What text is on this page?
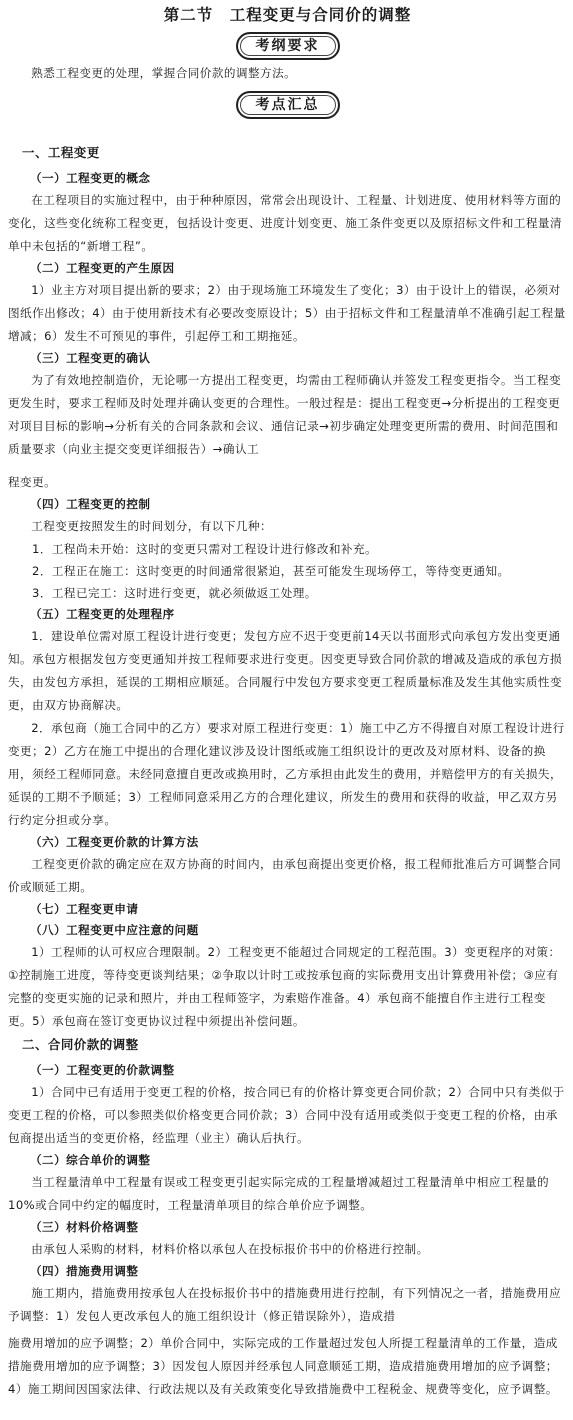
第二节　工程变更与合同价的调整
考纲要求

熟悉工程变更的处理，掌握合同价款的调整方法。

考点汇总
一、工程变更
（一）工程变更的概念

在工程项目的实施过程中，由于种种原因，常常会出现设计、工程量、计划进度、使用材料等方面的变化，这些变化统称工程变更，包括设计变更、进度计划变更、施工条件变更以及原招标文件和工程量清单中未包括的“新增工程”。

（二）工程变更的产生原因

1）业主方对项目提出新的要求；2）由于现场施工环境发生了变化；3）由于设计上的错误，必须对图纸作出修改；4）由于使用新技术有必要改变原设计；5）由于招标文件和工程量清单不准确引起工程量增减；6）发生不可预见的事件，引起停工和工期拖延。

（三）工程变更的确认

为了有效地控制造价，无论哪一方提出工程变更，均需由工程师确认并签发工程变更指令。当工程变更发生时，要求工程师及时处理并确认变更的合理性。一般过程是：提出工程变更→分析提出的工程变更对项目目标的影响→分析有关的合同条款和会议、通信记录→初步确定处理变更所需的费用、时间范围和质量要求（向业主提交变更详细报告）→确认工

程变更。

（四）工程变更的控制

工程变更按照发生的时间划分，有以下几种：

1．工程尚未开始：这时的变更只需对工程设计进行修改和补充。
2．工程正在施工：这时变更的时间通常很紧迫，甚至可能发生现场停工，等待变更通知。
3．工程已完工：这时进行变更，就必须做返工处理。
（五）工程变更的处理程序

1．建设单位需对原工程设计进行变更；发包方应不迟于变更前14天以书面形式向承包方发出变更通知。承包方根据发包方变更通知并按工程师要求进行变更。因变更导致合同价款的增减及造成的承包方损失，由发包方承担，延误的工期相应顺延。合同履行中发包方要求变更工程质量标准及发生其他实质性变更，由双方协商解决。

2．承包商（施工合同中的乙方）要求对原工程进行变更：1）施工中乙方不得擅自对原工程设计进行变更；2）乙方在施工中提出的合理化建议涉及设计图纸或施工组织设计的更改及对原材料、设备的换用，须经工程师同意。未经同意擅自更改或换用时，乙方承担由此发生的费用，并赔偿甲方的有关损失，延误的工期不予顺延；3）工程师同意采用乙方的合理化建议，所发生的费用和获得的收益，甲乙双方另行约定分担或分享。

（六）工程变更价款的计算方法

工程变更价款的确定应在双方协商的时间内，由承包商提出变更价格，报工程师批准后方可调整合同价或顺延工期。

（七）工程变更申请
（八）工程变更中应注意的问题

1）工程师的认可权应合理限制。2）工程变更不能超过合同规定的工程范围。3）变更程序的对策：①控制施工进度，等待变更谈判结果；②争取以计时工或按承包商的实际费用支出计算费用补偿；③应有完整的变更实施的记录和照片，并由工程师签字，为索赔作准备。4）承包商不能擅自作主进行工程变更。5）承包商在签订变更协议过程中须提出补偿问题。

二、合同价款的调整
（一）工程变更的价款调整

1）合同中已有适用于变更工程的价格，按合同已有的价格计算变更合同价款；2）合同中只有类似于变更工程的价格，可以参照类似价格变更合同价款；3）合同中没有适用或类似于变更工程的价格，由承包商提出适当的变更价格，经监理（业主）确认后执行。

（二）综合单价的调整

当工程量清单中工程量有误或工程变更引起实际完成的工程量增减超过工程量清单中相应工程量的10%或合同中约定的幅度时，工程量清单项目的综合单价应予调整。

（三）材料价格调整

由承包人采购的材料，材料价格以承包人在投标报价书中的价格进行控制。

（四）措施费用调整

施工期内，措施费用按承包人在投标报价书中的措施费用进行控制，有下列情况之一者，措施费用应予调整：1）发包人更改承包人的施工组织设计（修正错误除外），造成措

施费用增加的应予调整；2）单价合同中，实际完成的工作量超过发包人所提工程量清单的工作量，造成措施费用增加的应予调整；3）因发包人原因并经承包人同意顺延工期，造成措施费用增加的应予调整；4）施工期间因国家法律、行政法规以及有关政策变化导致措施费中工程税金、规费等变化，应予调整。
